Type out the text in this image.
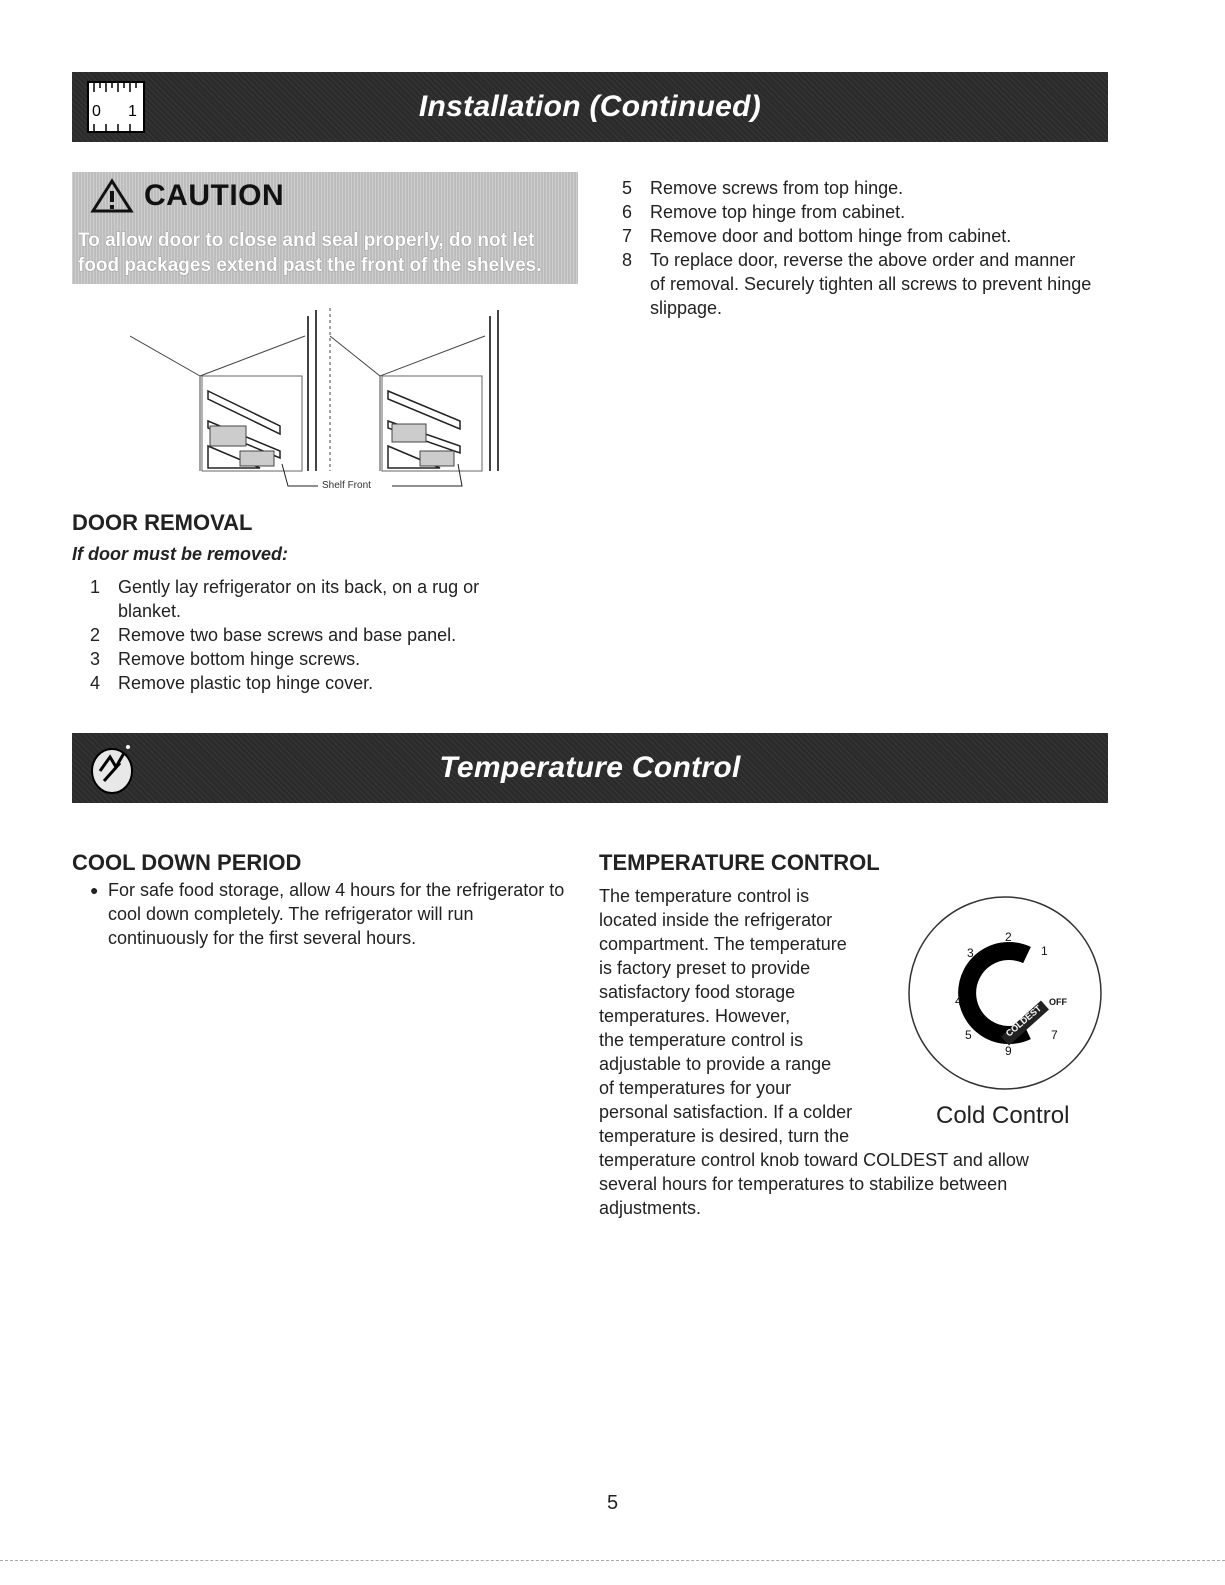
0 1	Installation (Continued)
CAUTION

To allow door to close and seal properly, do not let food packages extend past the front of the shelves.

Shelf Front
DOOR REMOVAL

If door must be removed:

1 Gently lay refrigerator on its back, on a rug or blanket.
2 Remove two base screws and base panel.
3 Remove bottom hinge screws.
4 Remove plastic top hinge cover.
5 Remove screws from top hinge.
6 Remove top hinge from cabinet.
7 Remove door and bottom hinge from cabinet.
8 To replace door, reverse the above order and manner of removal. Securely tighten all screws to prevent hinge slippage.
Temperature Control
COOL DOWN PERIOD
● For safe food storage, allow 4 hours for the refrigerator to cool down completely. The refrigerator will run continuously for the first several hours.

TEMPERATURE CONTROL
The temperature control is
located inside the refrigerator
compartment. The temperature
is factory preset to provide
satisfactory food storage
temperatures. However,
the temperature control is
adjustable to provide a range
of temperatures for your
personal satisfaction. If a colder
temperature is desired, turn the
temperature control knob toward COLDEST and allow
several hours for temperatures to stabilize between
adjustments.
2
3	1
4
5
9
7
OFF
COLDEST
Cold Control
5
